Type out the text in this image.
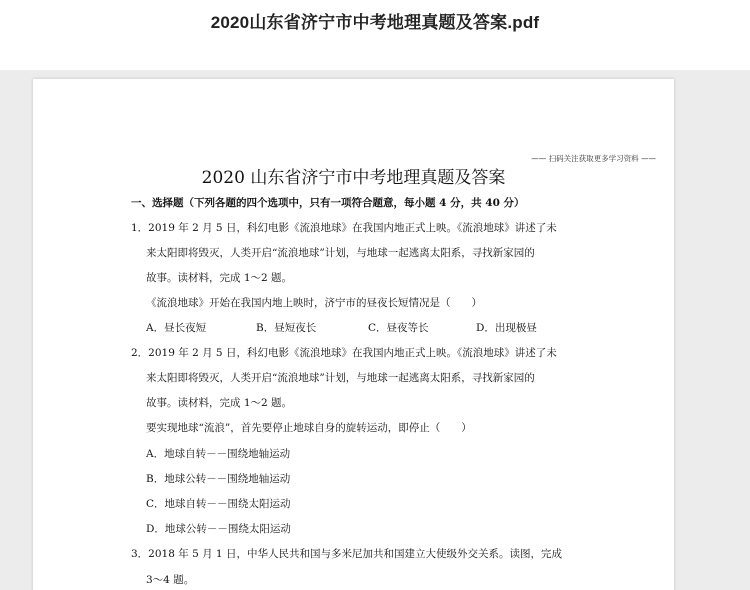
2020山东省济宁市中考地理真题及答案.pdf
—— 扫码关注获取更多学习资料 ——
2020 山东省济宁市中考地理真题及答案
一、选择题（下列各题的四个选项中，只有一项符合题意，每小题 4 分，共 40 分）
1．2019 年 2 月 5 日，科幻电影《流浪地球》在我国内地正式上映。《流浪地球》讲述了未
来太阳即将毁灭，人类开启“流浪地球”计划，与地球一起逃离太阳系，寻找新家园的
故事。读材料，完成 1～2 题。
《流浪地球》开始在我国内地上映时，济宁市的昼夜长短情况是（　　）
A．昼长夜短	B．昼短夜长	C．昼夜等长	D．出现极昼
2．2019 年 2 月 5 日，科幻电影《流浪地球》在我国内地正式上映。《流浪地球》讲述了未
来太阳即将毁灭，人类开启“流浪地球”计划，与地球一起逃离太阳系，寻找新家园的
故事。读材料，完成 1～2 题。
要实现地球“流浪”，首先要停止地球自身的旋转运动，即停止（　　）
A．地球自转－－围绕地轴运动
B．地球公转－－围绕地轴运动
C．地球自转－－围绕太阳运动
D．地球公转－－围绕太阳运动
3．2018 年 5 月 1 日，中华人民共和国与多米尼加共和国建立大使级外交关系。读图，完成
3～4 题。
